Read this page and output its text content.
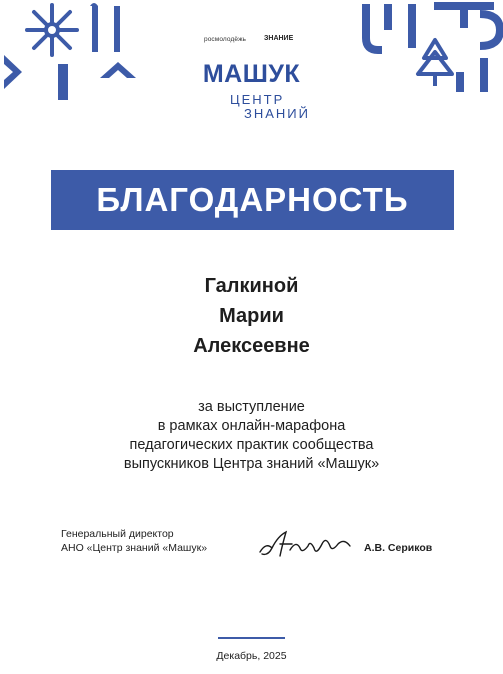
росмолодёжь	ЗНАНИЕ
МАШУК
ЦЕНТР
ЗНАНИЙ
БЛАГОДАРНОСТЬ
Галкиной
Марии
Алексеевне
за выступление
в рамках онлайн-марафона
педагогических практик сообщества
выпускников Центра знаний «Машук»
Генеральный директор
АНО «Центр знаний «Машук»	А.В. Сериков
Декабрь, 2025
